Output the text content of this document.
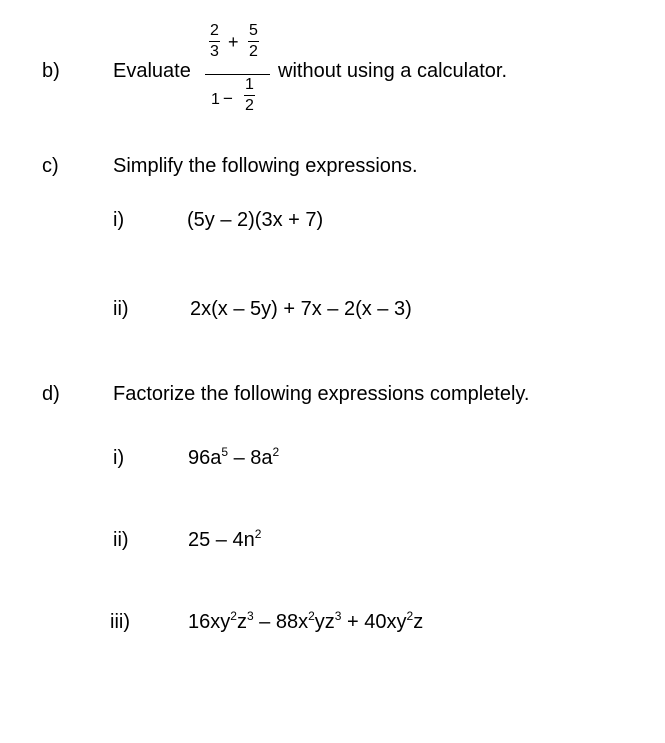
b)	Evaluate
2
3 +
5
2
1 −
1
2
without using a calculator.
c)	Simplify the following expressions.
i)	(5y – 2)(3x + 7)
ii)	2x(x – 5y) + 7x – 2(x – 3)
d)	Factorize the following expressions completely.
i)	$96a^5 - 8a^2$
ii)	$25 - 4n^2$
iii)	$16xy^2z^3 - 88x^2yz^3 + 40xy^2z$
